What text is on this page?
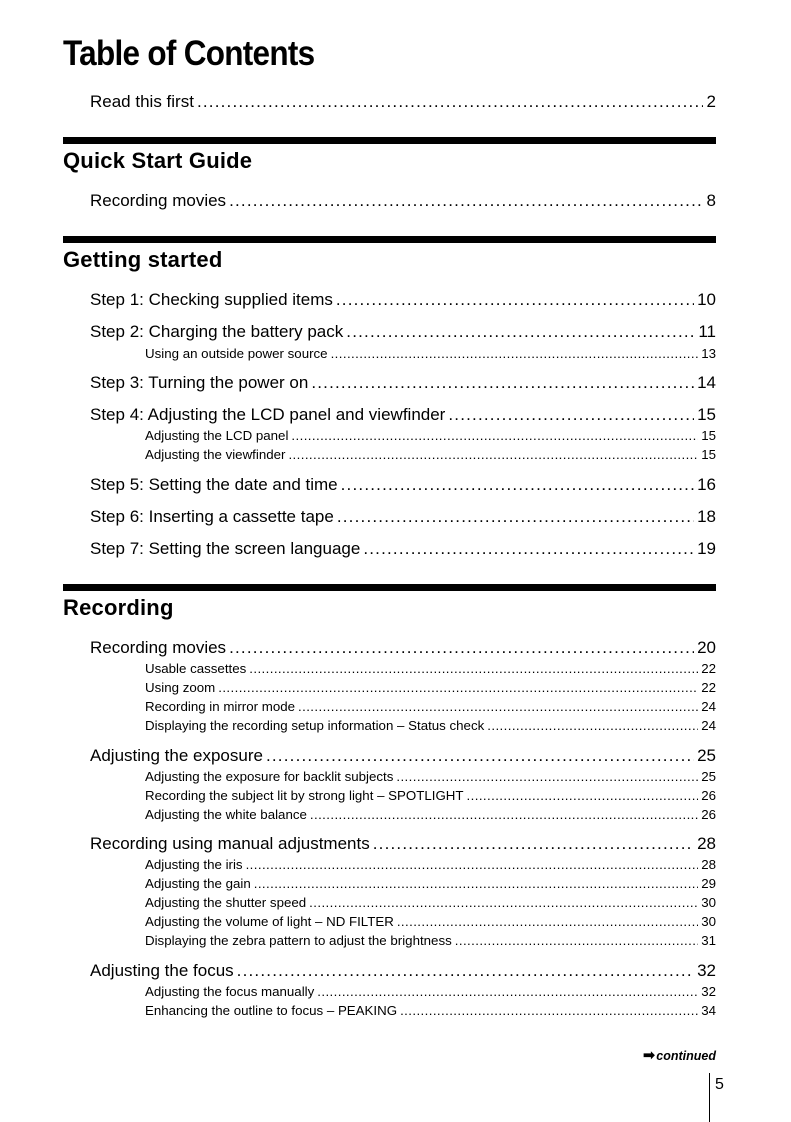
Table of Contents
Read this first .....	2
Quick Start Guide
Recording movies .....	8
Getting started
Step 1: Checking supplied items .....	10
Step 2: Charging the battery pack .....	11
Using an outside power source .....	13
Step 3: Turning the power on .....	14
Step 4: Adjusting the LCD panel and viewfinder .....	15
Adjusting the LCD panel .....	15
Adjusting the viewfinder .....	15
Step 5: Setting the date and time .....	16
Step 6: Inserting a cassette tape .....	18
Step 7: Setting the screen language .....	19
Recording
Recording movies .....	20
Usable cassettes .....	22
Using zoom .....	22
Recording in mirror mode .....	24
Displaying the recording setup information – Status check .....	24
Adjusting the exposure .....	25
Adjusting the exposure for backlit subjects .....	25
Recording the subject lit by strong light – SPOTLIGHT .....	26
Adjusting the white balance .....	26
Recording using manual adjustments .....	28
Adjusting the iris .....	28
Adjusting the gain .....	29
Adjusting the shutter speed .....	30
Adjusting the volume of light – ND FILTER .....	30
Displaying the zebra pattern to adjust the brightness .....	31
Adjusting the focus .....	32
Adjusting the focus manually .....	32
Enhancing the outline to focus – PEAKING .....	34
➡continued
5
